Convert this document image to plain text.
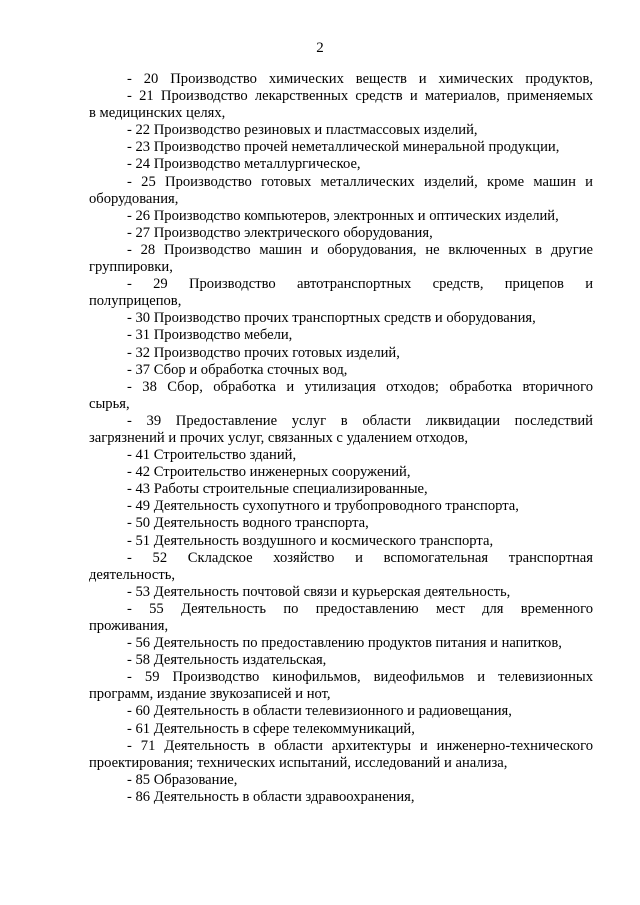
2

- 20 Производство химических веществ и химических продуктов,

- 21 Производство лекарственных средств и материалов, применяемых

в медицинских целях,

- 22 Производство резиновых и пластмассовых изделий,

- 23 Производство прочей неметаллической минеральной продукции,

- 24 Производство металлургическое,

- 25 Производство готовых металлических изделий, кроме машин и

оборудования,

- 26 Производство компьютеров, электронных и оптических изделий,

- 27 Производство электрического оборудования,

- 28 Производство машин и оборудования, не включенных в другие

группировки,

- 29 Производство автотранспортных средств, прицепов и

полуприцепов,

- 30 Производство прочих транспортных средств и оборудования,

- 31 Производство мебели,

- 32 Производство прочих готовых изделий,

- 37 Сбор и обработка сточных вод,

- 38 Сбор, обработка и утилизация отходов; обработка вторичного

сырья,

- 39 Предоставление услуг в области ликвидации последствий

загрязнений и прочих услуг, связанных с удалением отходов,

- 41 Строительство зданий,

- 42 Строительство инженерных сооружений,

- 43 Работы строительные специализированные,

- 49 Деятельность сухопутного и трубопроводного транспорта,

- 50 Деятельность водного транспорта,

- 51 Деятельность воздушного и космического транспорта,

- 52 Складское хозяйство и вспомогательная транспортная

деятельность,

- 53 Деятельность почтовой связи и курьерская деятельность,

- 55 Деятельность по предоставлению мест для временного

проживания,

- 56 Деятельность по предоставлению продуктов питания и напитков,

- 58 Деятельность издательская,

- 59 Производство кинофильмов, видеофильмов и телевизионных

программ, издание звукозаписей и нот,

- 60 Деятельность в области телевизионного и радиовещания,

- 61 Деятельность в сфере телекоммуникаций,

- 71 Деятельность в области архитектуры и инженерно-технического

проектирования; технических испытаний, исследований и анализа,

- 85 Образование,

- 86 Деятельность в области здравоохранения,
